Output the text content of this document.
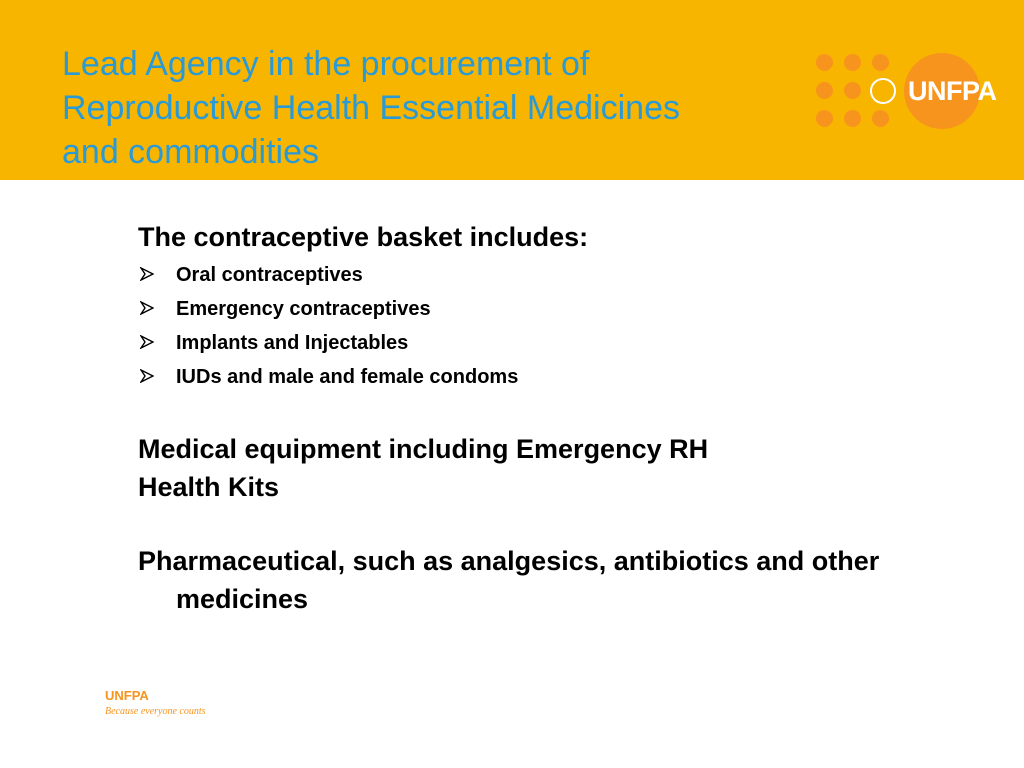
Lead Agency in the procurement of
Reproductive Health Essential Medicines
and commodities
UNFPA

The contraceptive basket includes:

Oral contraceptives
Emergency contraceptives
Implants and Injectables
IUDs and male and female condoms

Medical equipment including Emergency RH

Health Kits

Pharmaceutical, such as analgesics, antibiotics and other medicines

UNFPA
Because everyone counts
